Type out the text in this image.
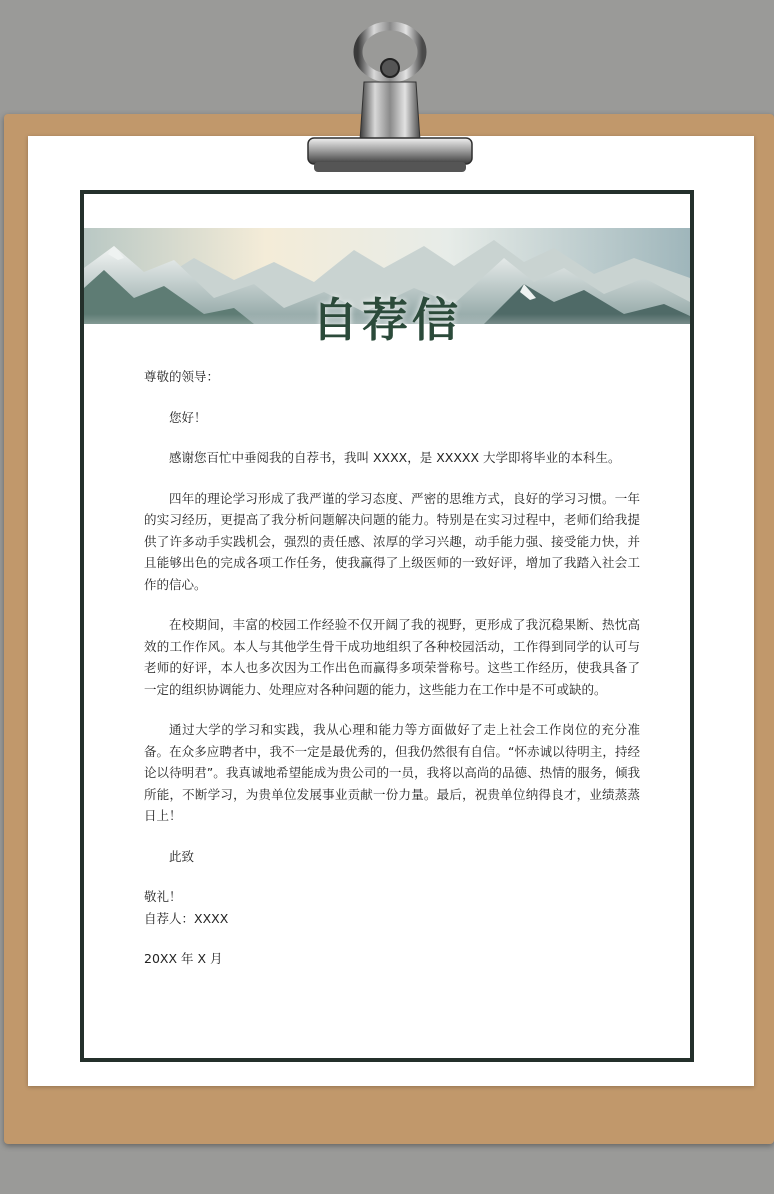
自荐信

尊敬的领导：

您好！

感谢您百忙中垂阅我的自荐书，我叫 XXXX，是 XXXXX 大学即将毕业的本科生。

四年的理论学习形成了我严谨的学习态度、严密的思维方式，良好的学习习惯。一年的实习经历，更提高了我分析问题解决问题的能力。特别是在实习过程中，老师们给我提供了许多动手实践机会，强烈的责任感、浓厚的学习兴趣，动手能力强、接受能力快，并且能够出色的完成各项工作任务，使我赢得了上级医师的一致好评，增加了我踏入社会工作的信心。

在校期间，丰富的校园工作经验不仅开阔了我的视野，更形成了我沉稳果断、热忱高效的工作作风。本人与其他学生骨干成功地组织了各种校园活动，工作得到同学的认可与老师的好评，本人也多次因为工作出色而赢得多项荣誉称号。这些工作经历，使我具备了一定的组织协调能力、处理应对各种问题的能力，这些能力在工作中是不可或缺的。

通过大学的学习和实践，我从心理和能力等方面做好了走上社会工作岗位的充分准备。在众多应聘者中，我不一定是最优秀的，但我仍然很有自信。“怀赤诚以待明主，持经论以待明君”。我真诚地希望能成为贵公司的一员，我将以高尚的品德、热情的服务，倾我所能，不断学习，为贵单位发展事业贡献一份力量。最后，祝贵单位纳得良才，业绩蒸蒸日上！

此致

敬礼！

自荐人：XXXX

20XX 年 X 月
